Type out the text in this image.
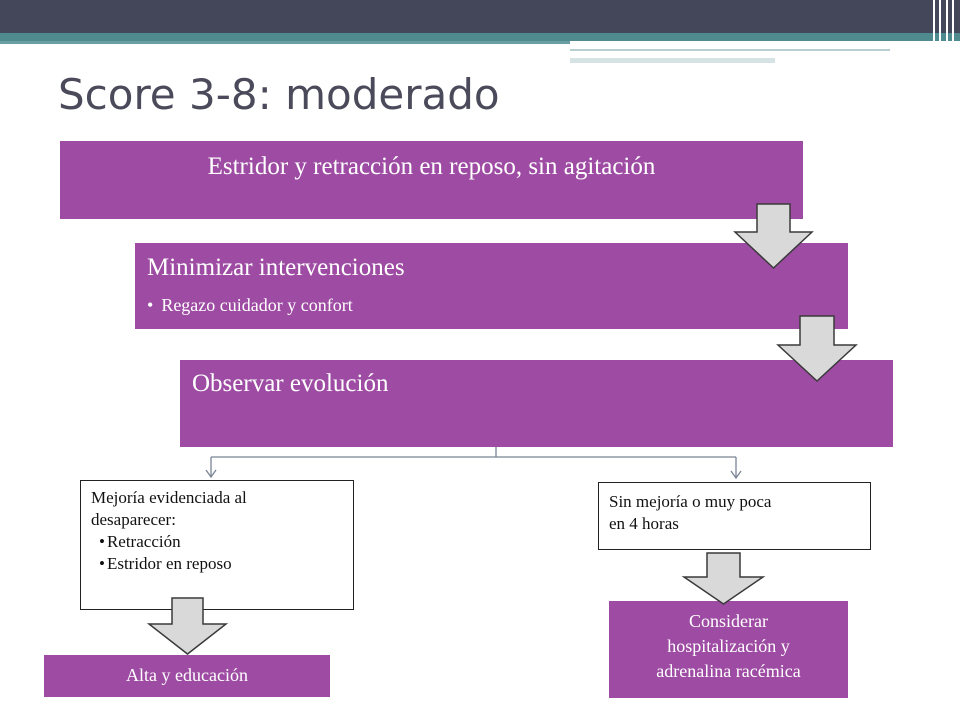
Score 3-8: moderado
Estridor y retracción en reposo, sin agitación
Minimizar intervenciones
• Regazo cuidador y confort
Observar evolución
Mejoría evidenciada al
desaparecer:
• Retracción
• Estridor en reposo
Sin mejoría o muy poca
en 4 horas
Alta y educación
Considerar
hospitalización y
adrenalina racémica
